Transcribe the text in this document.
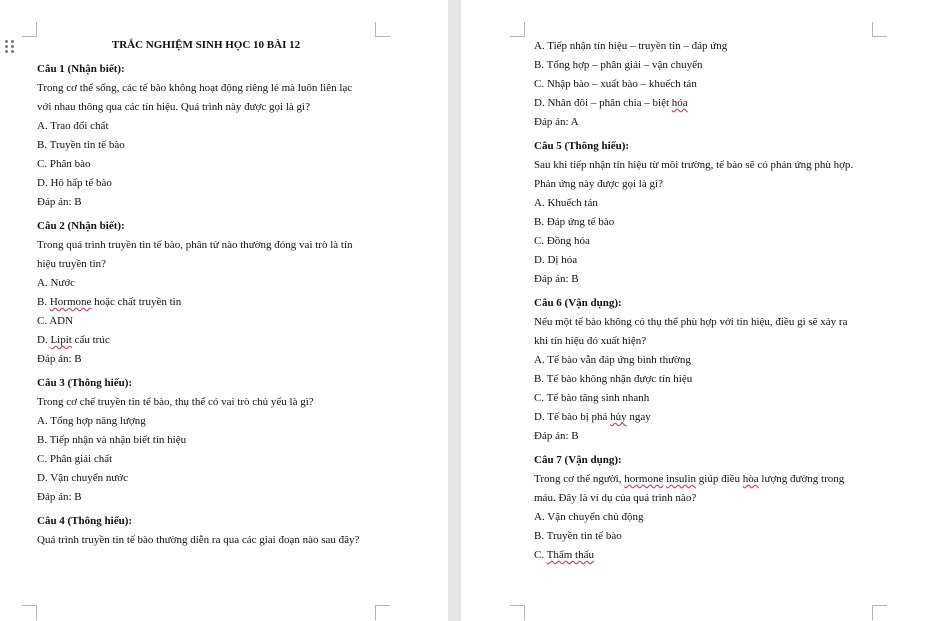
TRẮC NGHIỆM SINH HỌC 10 BÀI 12
Câu 1 (Nhận biết):
Trong cơ thể sống, các tế bào không hoạt động riêng lẻ mà luôn liên lạc
với nhau thông qua các tín hiệu. Quá trình này được gọi là gì?
A. Trao đổi chất
B. Truyền tin tế bào
C. Phân bào
D. Hô hấp tế bào
Đáp án: B
Câu 2 (Nhận biết):
Trong quá trình truyền tin tế bào, phân tử nào thường đóng vai trò là tín
hiệu truyền tin?
A. Nước
B. Hormone hoặc chất truyền tin
C. ADN
D. Lipit cấu trúc
Đáp án: B
Câu 3 (Thông hiểu):
Trong cơ chế truyền tin tế bào, thụ thể có vai trò chủ yếu là gì?
A. Tổng hợp năng lượng
B. Tiếp nhận và nhận biết tín hiệu
C. Phân giải chất
D. Vận chuyển nước
Đáp án: B
Câu 4 (Thông hiểu):
Quá trình truyền tin tế bào thường diễn ra qua các giai đoạn nào sau đây?
A. Tiếp nhận tín hiệu – truyền tin – đáp ứng
B. Tổng hợp – phân giải – vận chuyển
C. Nhập bào – xuất bào – khuếch tán
D. Nhân đôi – phân chia – biệt hóa
Đáp án: A
Câu 5 (Thông hiểu):
Sau khi tiếp nhận tín hiệu từ môi trường, tế bào sẽ có phản ứng phù hợp.
Phản ứng này được gọi là gì?
A. Khuếch tán
B. Đáp ứng tế bào
C. Đồng hóa
D. Dị hóa
Đáp án: B
Câu 6 (Vận dụng):
Nếu một tế bào không có thụ thể phù hợp với tín hiệu, điều gì sẽ xảy ra
khi tín hiệu đó xuất hiện?
A. Tế bào vẫn đáp ứng bình thường
B. Tế bào không nhận được tín hiệu
C. Tế bào tăng sinh nhanh
D. Tế bào bị phá hủy ngay
Đáp án: B
Câu 7 (Vận dụng):
Trong cơ thể người, hormone insulin giúp điều hòa lượng đường trong
máu. Đây là ví dụ của quá trình nào?
A. Vận chuyển chủ động
B. Truyền tin tế bào
C. Thẩm thấu
